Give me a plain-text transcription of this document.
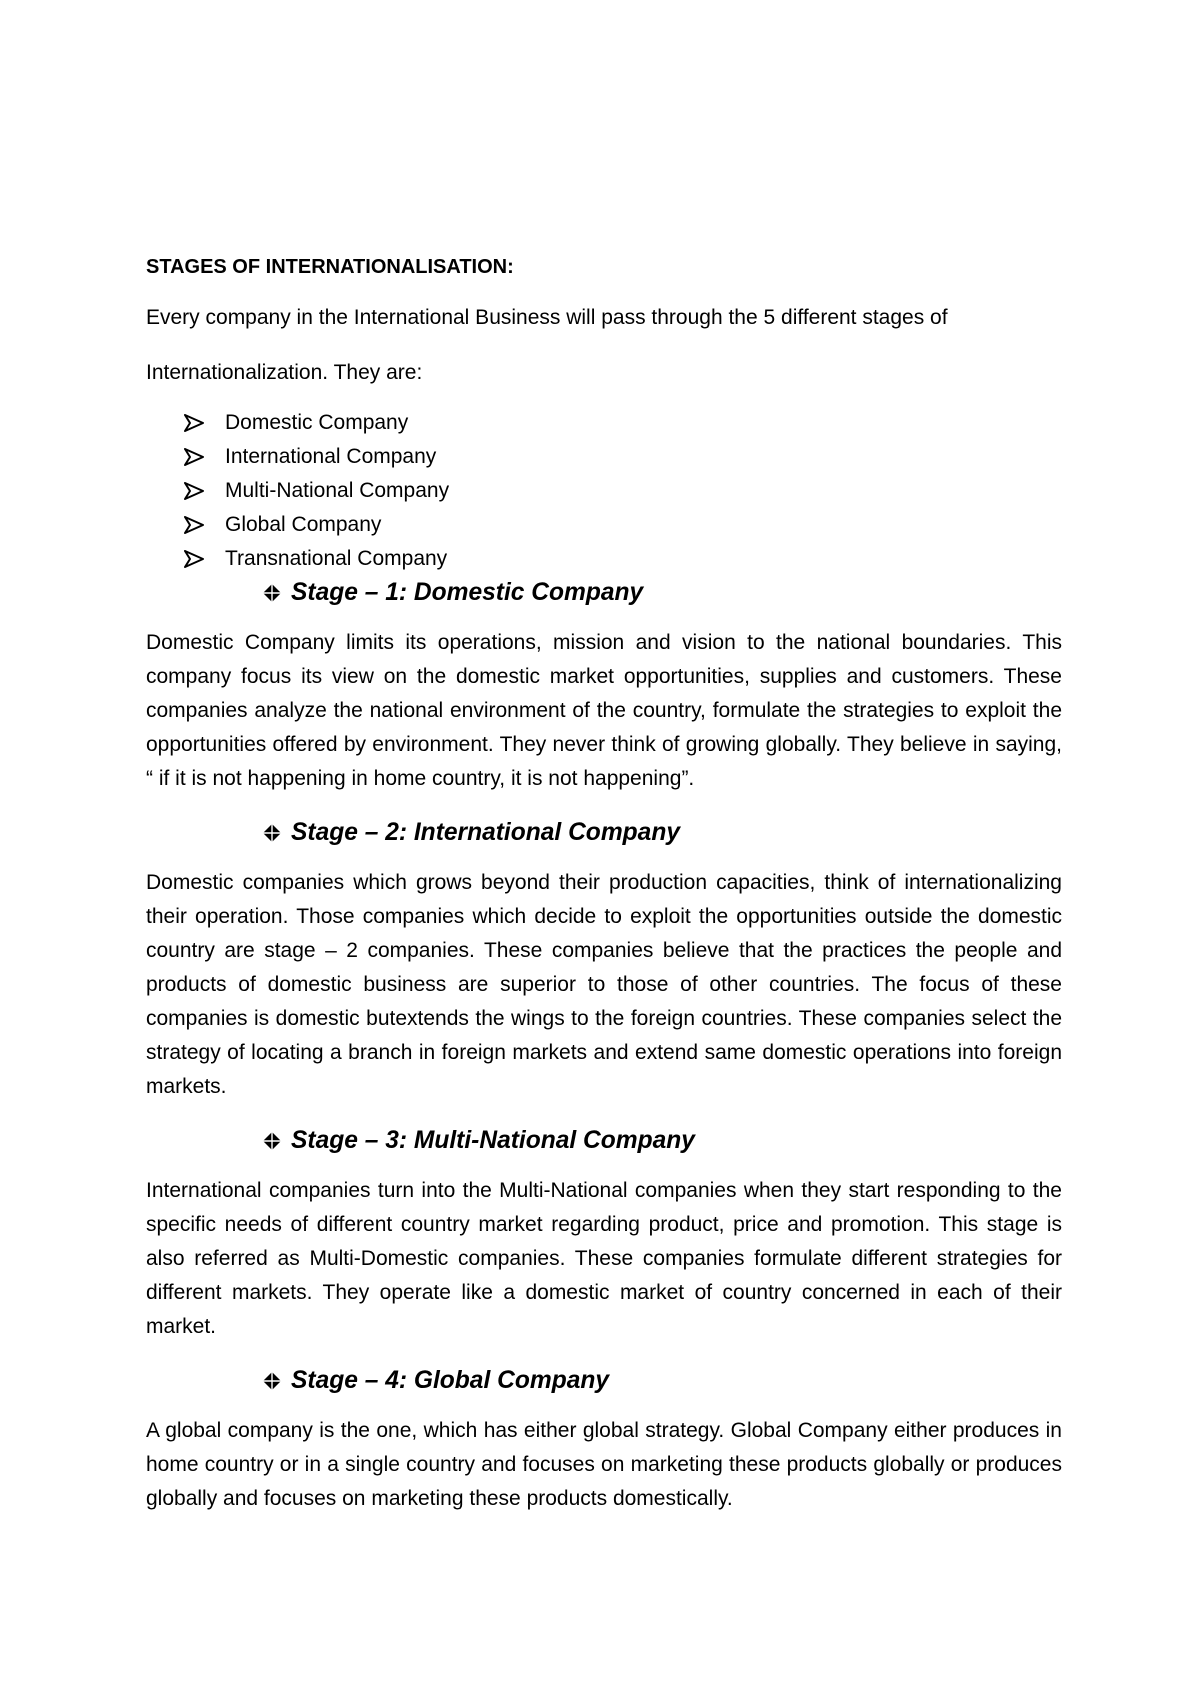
STAGES OF INTERNATIONALISATION:

Every company in the International Business will pass through the 5 different stages of
Internationalization. They are:

Domestic Company
International Company
Multi-National Company
Global Company
Transnational Company
Stage – 1: Domestic Company

Domestic Company limits its operations, mission and vision to the national boundaries. This company focus its view on the domestic market opportunities, supplies and customers. These companies analyze the national environment of the country, formulate the strategies to exploit the opportunities offered by environment. They never think of growing globally. They believe in saying, “ if it is not happening in home country, it is not happening”.

Stage – 2: International Company

Domestic companies which grows beyond their production capacities, think of internationalizing their operation. Those companies which decide to exploit the opportunities outside the domestic country are stage – 2 companies. These companies believe that the practices the people and products of domestic business are superior to those of other countries. The focus of these companies is domestic butextends the wings to the foreign countries. These companies select the strategy of locating a branch in foreign markets and extend same domestic operations into foreign markets.

Stage – 3: Multi-National Company

International companies turn into the Multi-National companies when they start responding to the specific needs of different country market regarding product, price and promotion. This stage is also referred as Multi-Domestic companies. These companies formulate different strategies for different markets. They operate like a domestic market of country concerned in each of their market.

Stage – 4: Global Company

A global company is the one, which has either global strategy. Global Company either produces in home country or in a single country and focuses on marketing these products globally or produces globally and focuses on marketing these products domestically.
